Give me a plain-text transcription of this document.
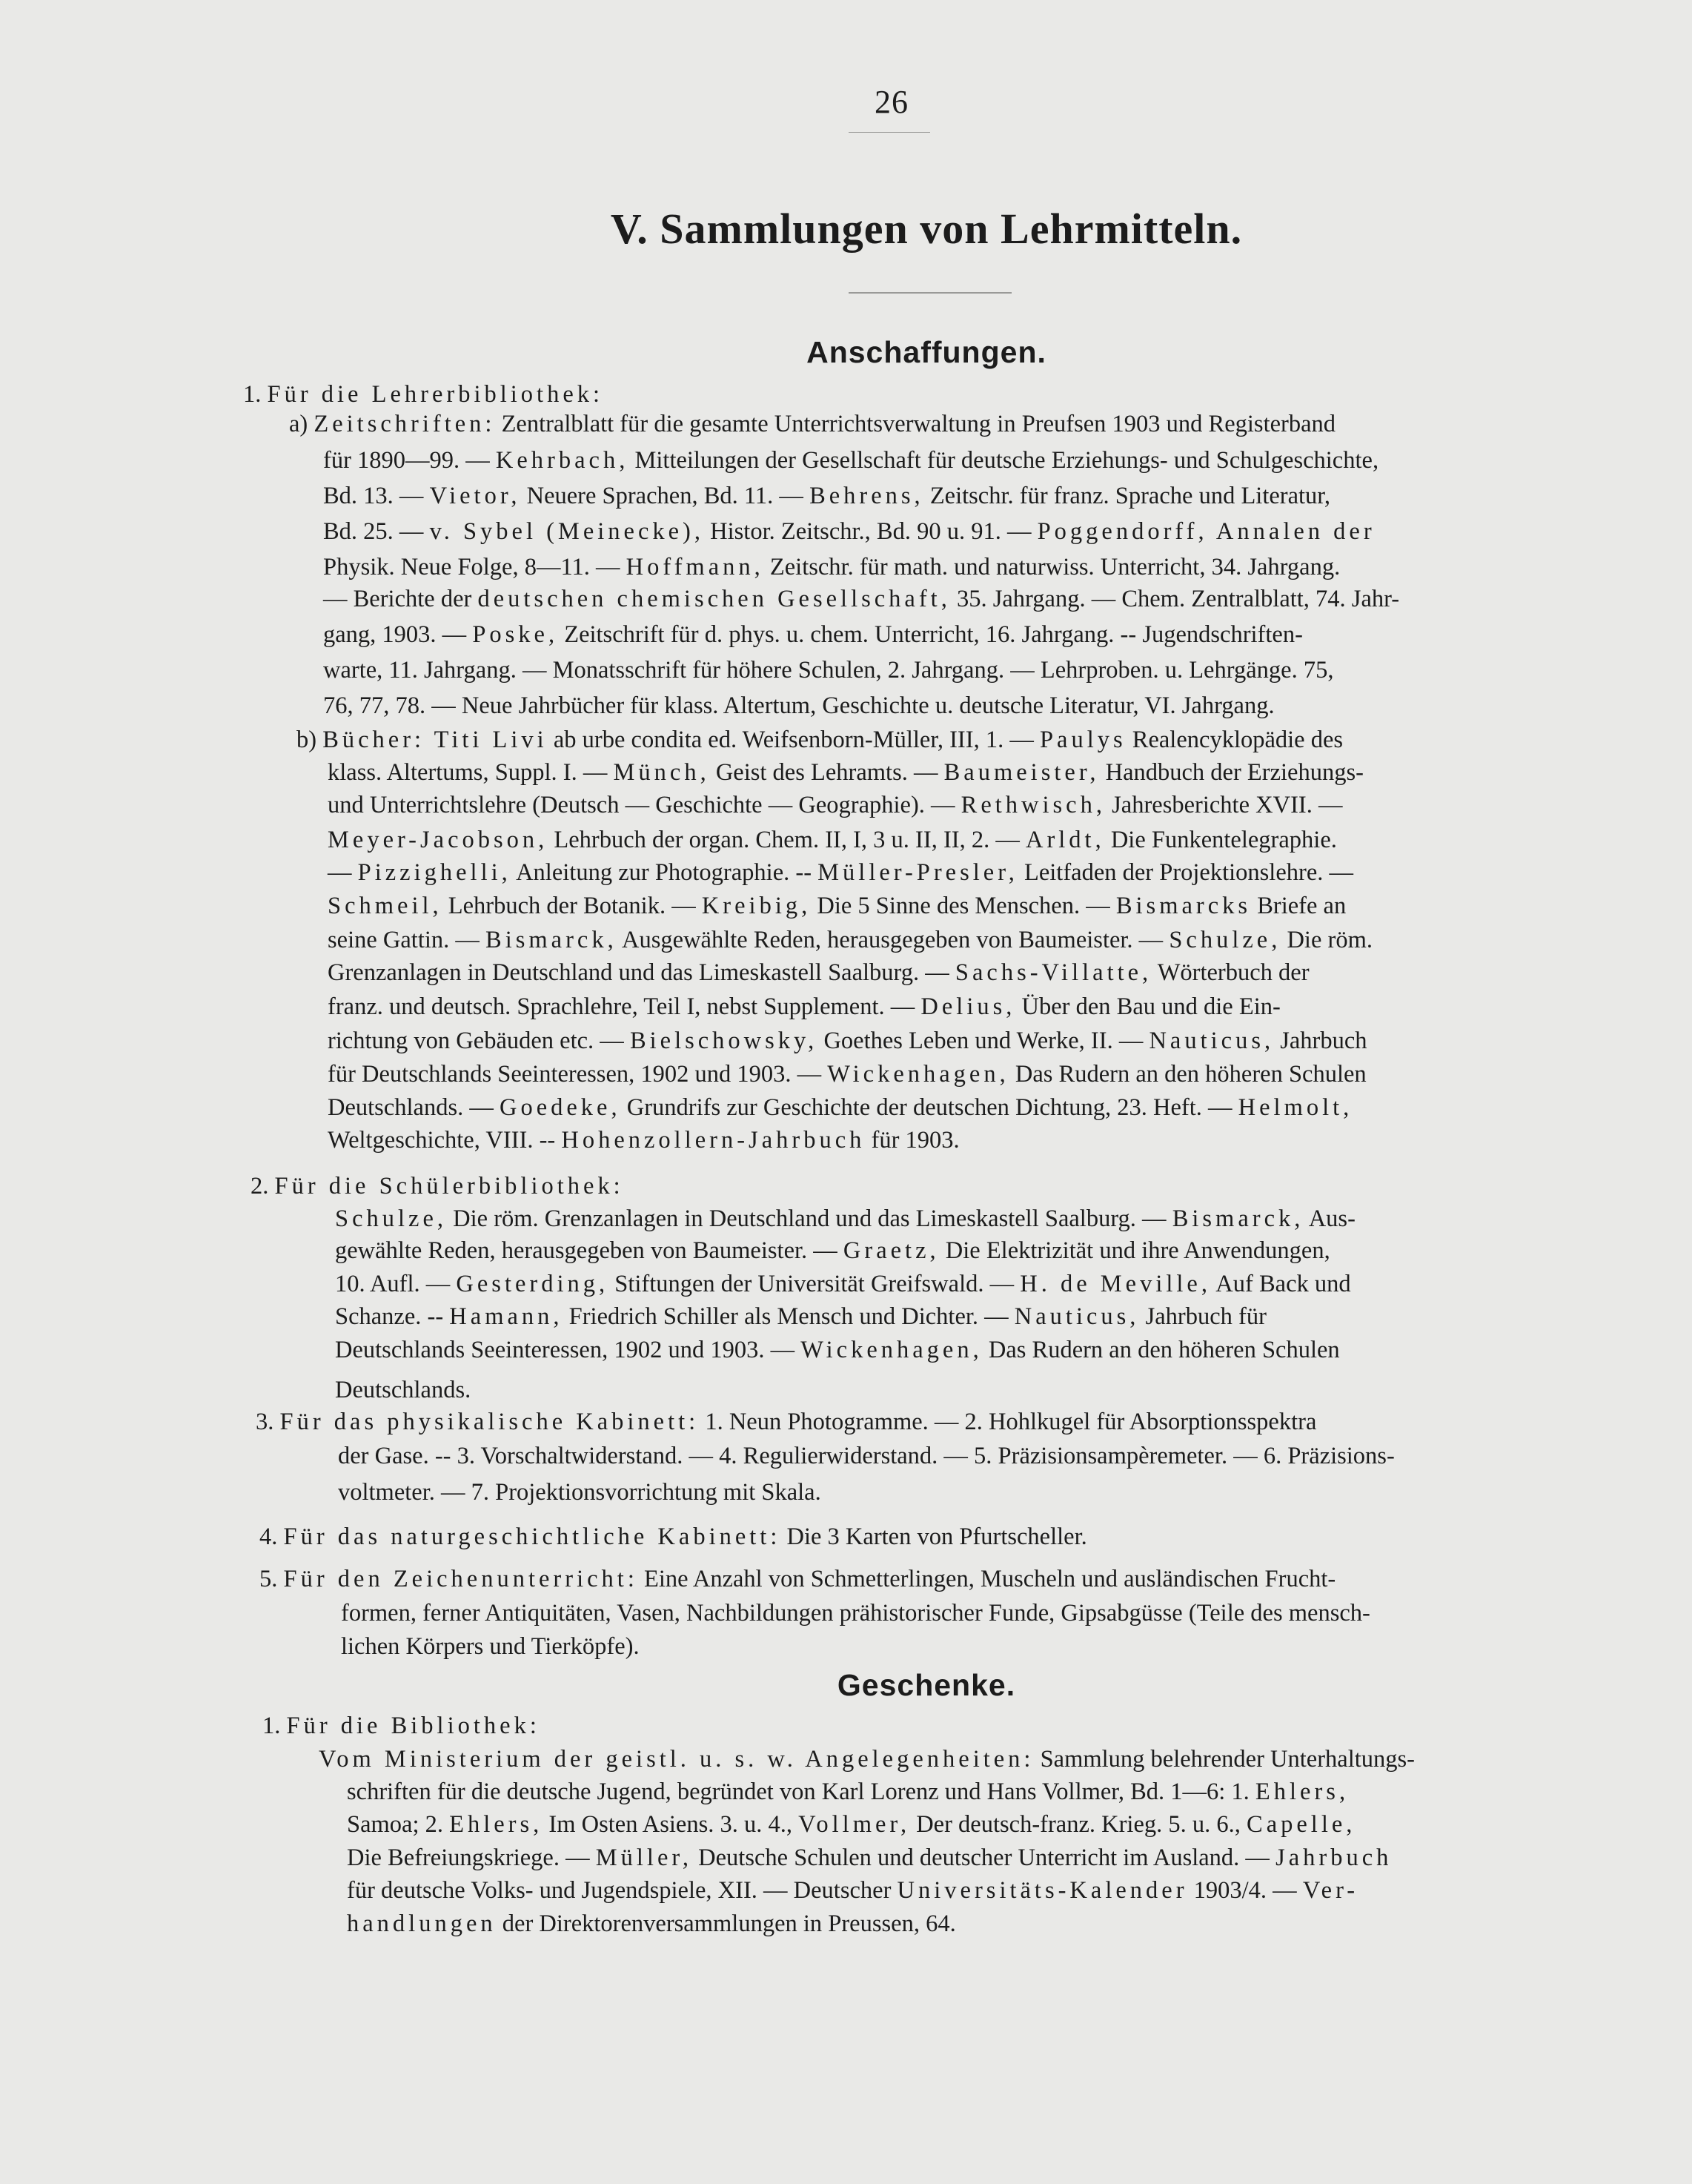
26
V. Sammlungen von Lehrmitteln.
Anschaffungen.
Geschenke.
1. Für die Lehrerbibliothek:
a) Zeitschriften: Zentralblatt für die gesamte Unterrichtsverwaltung in Preufsen 1903 und Registerband
für 1890—99. — Kehrbach, Mitteilungen der Gesellschaft für deutsche Erziehungs- und Schulgeschichte,
Bd. 13. — Vietor, Neuere Sprachen, Bd. 11. — Behrens, Zeitschr. für franz. Sprache und Literatur,
Bd. 25. — v. Sybel (Meinecke), Histor. Zeitschr., Bd. 90 u. 91. — Poggendorff, Annalen der
Physik. Neue Folge, 8—11. — Hoffmann, Zeitschr. für math. und naturwiss. Unterricht, 34. Jahrgang.
— Berichte der deutschen chemischen Gesellschaft, 35. Jahrgang. — Chem. Zentralblatt, 74. Jahr-
gang, 1903. — Poske, Zeitschrift für d. phys. u. chem. Unterricht, 16. Jahrgang. -- Jugendschriften-
warte, 11. Jahrgang. — Monatsschrift für höhere Schulen, 2. Jahrgang. — Lehrproben. u. Lehrgänge. 75,
76, 77, 78. — Neue Jahrbücher für klass. Altertum, Geschichte u. deutsche Literatur, VI. Jahrgang.
b) Bücher: Titi Livi ab urbe condita ed. Weifsenborn-Müller, III, 1. — Paulys Realencyklopädie des
klass. Altertums, Suppl. I. — Münch, Geist des Lehramts. — Baumeister, Handbuch der Erziehungs-
und Unterrichtslehre (Deutsch — Geschichte — Geographie). — Rethwisch, Jahresberichte XVII. —
Meyer-Jacobson, Lehrbuch der organ. Chem. II, I, 3 u. II, II, 2. — Arldt, Die Funkentelegraphie.
— Pizzighelli, Anleitung zur Photographie. -- Müller-Presler, Leitfaden der Projektionslehre. —
Schmeil, Lehrbuch der Botanik. — Kreibig, Die 5 Sinne des Menschen. — Bismarcks Briefe an
seine Gattin. — Bismarck, Ausgewählte Reden, herausgegeben von Baumeister. — Schulze, Die röm.
Grenzanlagen in Deutschland und das Limeskastell Saalburg. — Sachs-Villatte, Wörterbuch der
franz. und deutsch. Sprachlehre, Teil I, nebst Supplement. — Delius, Über den Bau und die Ein-
richtung von Gebäuden etc. — Bielschowsky, Goethes Leben und Werke, II. — Nauticus, Jahrbuch
für Deutschlands Seeinteressen, 1902 und 1903. — Wickenhagen, Das Rudern an den höheren Schulen
Deutschlands. — Goedeke, Grundrifs zur Geschichte der deutschen Dichtung, 23. Heft. — Helmolt,
Weltgeschichte, VIII. -- Hohenzollern-Jahrbuch für 1903.
2. Für die Schülerbibliothek:
Schulze, Die röm. Grenzanlagen in Deutschland und das Limeskastell Saalburg. — Bismarck, Aus-
gewählte Reden, herausgegeben von Baumeister. — Graetz, Die Elektrizität und ihre Anwendungen,
10. Aufl. — Gesterding, Stiftungen der Universität Greifswald. — H. de Meville, Auf Back und
Schanze. -- Hamann, Friedrich Schiller als Mensch und Dichter. — Nauticus, Jahrbuch für
Deutschlands Seeinteressen, 1902 und 1903. — Wickenhagen, Das Rudern an den höheren Schulen
Deutschlands.
3. Für das physikalische Kabinett: 1. Neun Photogramme. — 2. Hohlkugel für Absorptionsspektra
der Gase. -- 3. Vorschaltwiderstand. — 4. Regulierwiderstand. — 5. Präzisionsampèremeter. — 6. Präzisions-
voltmeter. — 7. Projektionsvorrichtung mit Skala.
4. Für das naturgeschichtliche Kabinett: Die 3 Karten von Pfurtscheller.
5. Für den Zeichenunterricht: Eine Anzahl von Schmetterlingen, Muscheln und ausländischen Frucht-
formen, ferner Antiquitäten, Vasen, Nachbildungen prähistorischer Funde, Gipsabgüsse (Teile des mensch-
lichen Körpers und Tierköpfe).
1. Für die Bibliothek:
Vom Ministerium der geistl. u. s. w. Angelegenheiten: Sammlung belehrender Unterhaltungs-
schriften für die deutsche Jugend, begründet von Karl Lorenz und Hans Vollmer, Bd. 1—6: 1. Ehlers,
Samoa; 2. Ehlers, Im Osten Asiens. 3. u. 4., Vollmer, Der deutsch-franz. Krieg. 5. u. 6., Capelle,
Die Befreiungskriege. — Müller, Deutsche Schulen und deutscher Unterricht im Ausland. — Jahrbuch
für deutsche Volks- und Jugendspiele, XII. — Deutscher Universitäts-Kalender 1903/4. — Ver-
handlungen der Direktorenversammlungen in Preussen, 64.
